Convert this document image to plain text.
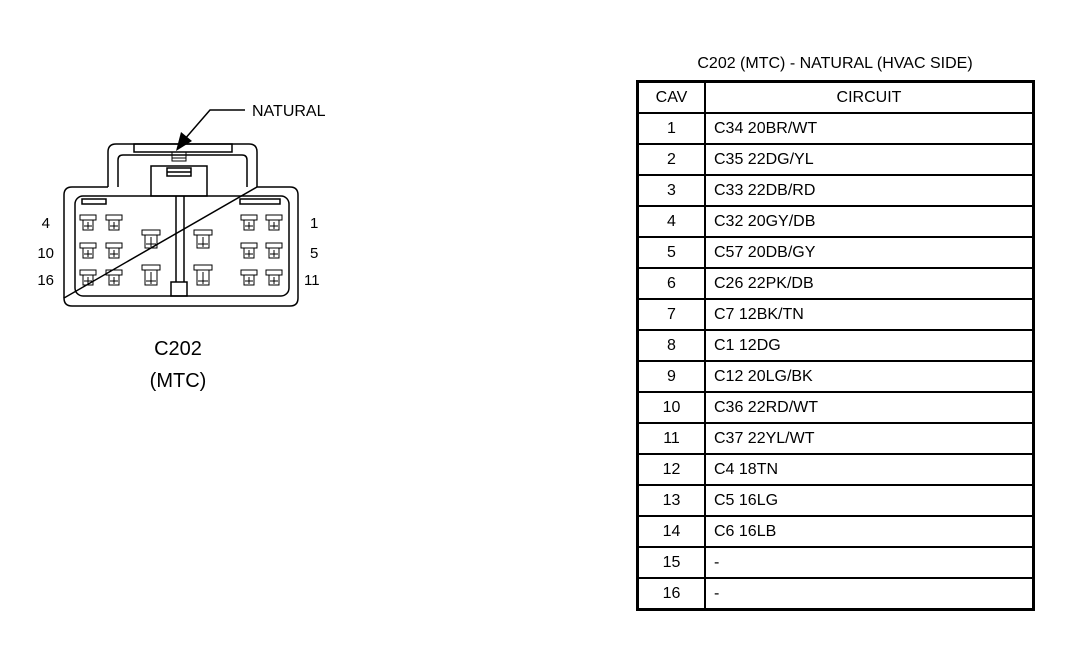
NATURAL
4
10
16
1
5
11
C202
(MTC)
C202 (MTC) - NATURAL (HVAC SIDE)
CAV	CIRCUIT
1	C34 20BR/WT
2	C35 22DG/YL
3	C33 22DB/RD
4	C32 20GY/DB
5	C57 20DB/GY
6	C26 22PK/DB
7	C7 12BK/TN
8	C1 12DG
9	C12 20LG/BK
10	C36 22RD/WT
11	C37 22YL/WT
12	C4 18TN
13	C5 16LG
14	C6 16LB
15	-
16	-
